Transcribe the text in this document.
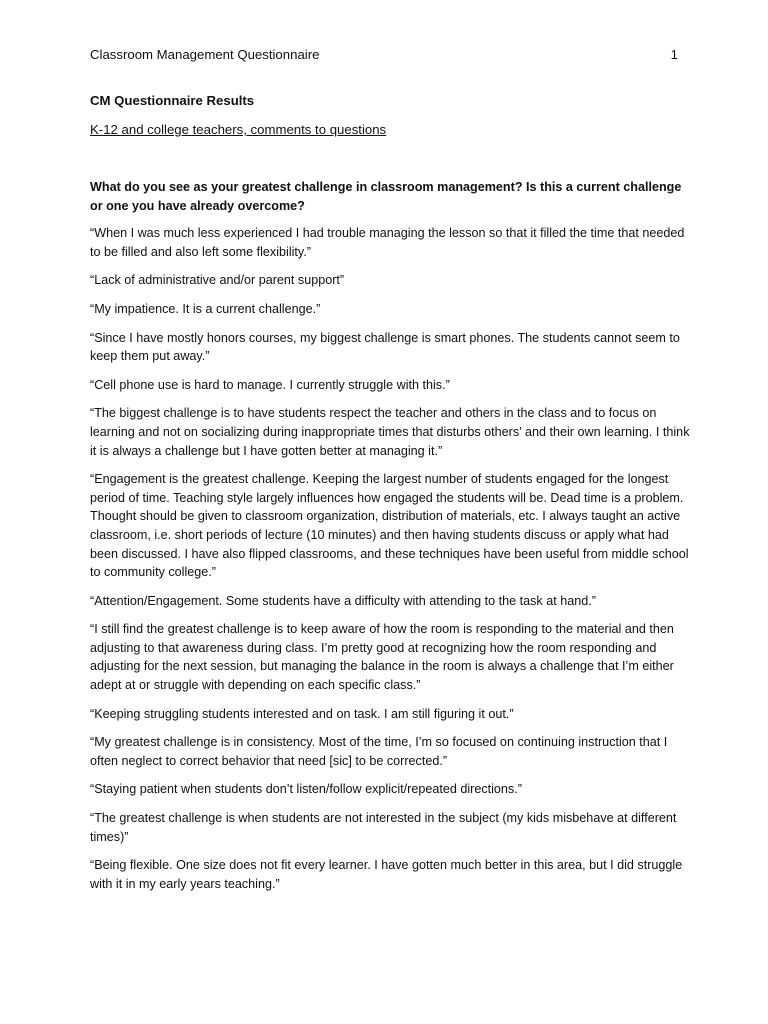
Classroom Management Questionnaire	1
CM Questionnaire Results
K-12 and college teachers, comments to questions

What do you see as your greatest challenge in classroom management? Is this a current challenge or one you have already overcome?

“When I was much less experienced I had trouble managing the lesson so that it filled the time that needed to be filled and also left some flexibility.”

“Lack of administrative and/or parent support”

“My impatience. It is a current challenge.”

“Since I have mostly honors courses, my biggest challenge is smart phones. The students cannot seem to keep them put away.”

“Cell phone use is hard to manage. I currently struggle with this.”

“The biggest challenge is to have students respect the teacher and others in the class and to focus on learning and not on socializing during inappropriate times that disturbs others’ and their own learning. I think it is always a challenge but I have gotten better at managing it.”

“Engagement is the greatest challenge. Keeping the largest number of students engaged for the longest period of time. Teaching style largely influences how engaged the students will be. Dead time is a problem. Thought should be given to classroom organization, distribution of materials, etc. I always taught an active classroom, i.e. short periods of lecture (10 minutes) and then having students discuss or apply what had been discussed. I have also flipped classrooms, and these techniques have been useful from middle school to community college.”

“Attention/Engagement. Some students have a difficulty with attending to the task at hand.”

“I still find the greatest challenge is to keep aware of how the room is responding to the material and then adjusting to that awareness during class. I’m pretty good at recognizing how the room responding and adjusting for the next session, but managing the balance in the room is always a challenge that I’m either adept at or struggle with depending on each specific class.”

“Keeping struggling students interested and on task. I am still figuring it out.”

“My greatest challenge is in consistency. Most of the time, I’m so focused on continuing instruction that I often neglect to correct behavior that need [sic] to be corrected.”

“Staying patient when students don’t listen/follow explicit/repeated directions.”

“The greatest challenge is when students are not interested in the subject (my kids misbehave at different times)”

“Being flexible. One size does not fit every learner. I have gotten much better in this area, but I did struggle with it in my early years teaching.”
